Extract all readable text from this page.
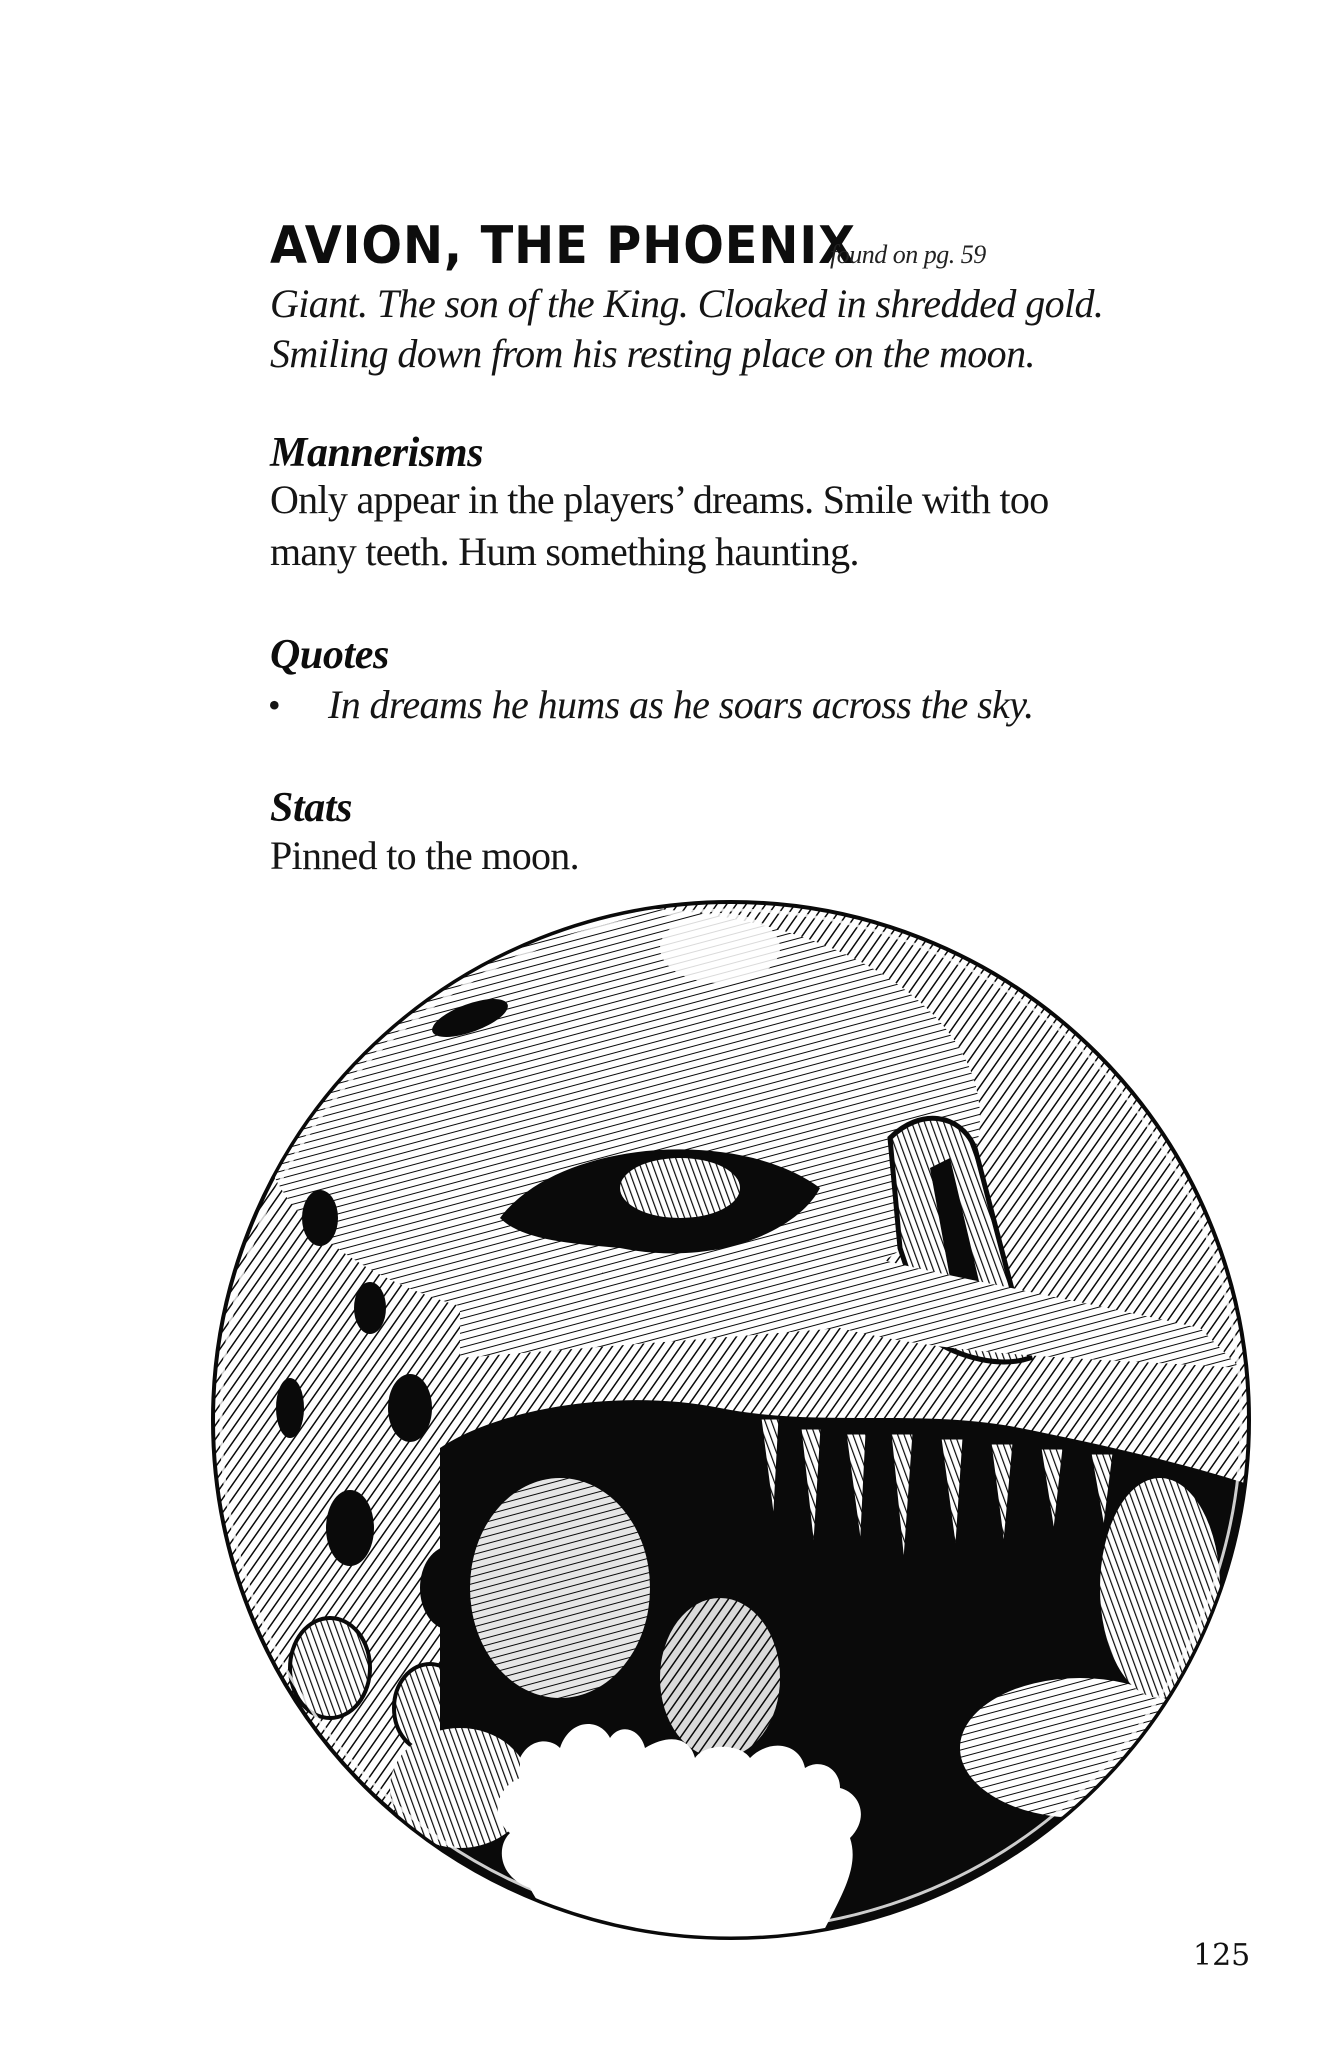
AVION, THE PHOENIX
found on pg. 59
Giant. The son of the King. Cloaked in shredded gold.
Smiling down from his resting place on the moon.
Mannerisms
Only appear in the players’ dreams. Smile with too
many teeth. Hum something haunting.
Quotes
• In dreams he hums as he soars across the sky.
Stats
Pinned to the moon.
125
